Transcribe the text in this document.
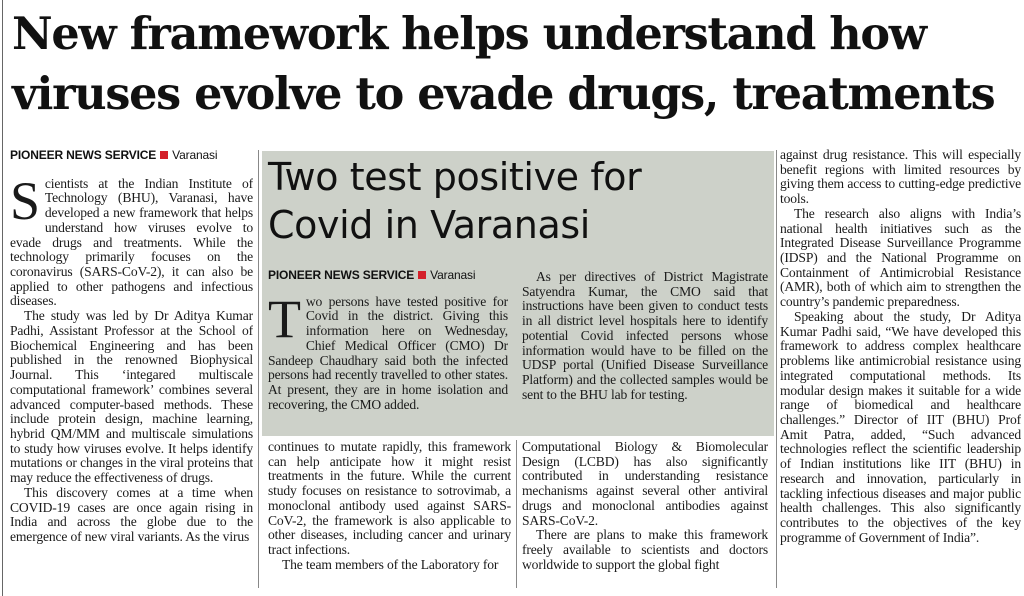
New framework helps understand how
viruses evolve to evade drugs, treatments
PIONEER NEWS SERVICE Varanasi

Scientists at the Indian Institute of Technology (BHU), Varanasi, have developed a new framework that helps understand how viruses evolve to evade drugs and treatments. While the technology primarily focuses on the coronavirus (SARS-CoV-2), it can also be applied to other pathogens and infectious diseases.

The study was led by Dr Aditya Kumar Padhi, Assistant Professor at the School of Biochemical Engineering and has been published in the renowned Biophysical Journal. This ‘integared multiscale computational framework’ combines several advanced computer-based methods. These include protein design, machine learning, hybrid QM/MM and multiscale simulations to study how viruses evolve. It helps identify mutations or changes in the viral proteins that may reduce the effectiveness of drugs.

This discovery comes at a time when COVID-19 cases are once again rising in India and across the globe due to the emergence of new viral variants. As the virus

Two test positive for
Covid in Varanasi
PIONEER NEWS SERVICE Varanasi

Two persons have tested positive for Covid in the district. Giving this information here on Wednesday, Chief Medical Officer (CMO) Dr Sandeep Chaudhary said both the infected persons had recently travelled to other states. At present, they are in home isolation and recovering, the CMO added.

As per directives of District Magistrate Satyendra Kumar, the CMO said that instructions have been given to conduct tests in all district level hospitals here to identify potential Covid infected persons whose information would have to be filled on the UDSP portal (Unified Disease Surveillance Platform) and the collected samples would be sent to the BHU lab for testing.

continues to mutate rapidly, this framework can help anticipate how it might resist treatments in the future. While the current study focuses on resistance to sotrovimab, a monoclonal antibody used against SARS-CoV-2, the framework is also applicable to other diseases, including cancer and urinary tract infections.

The team members of the Laboratory for

Computational Biology & Biomolecular Design (LCBD) has also significantly contributed in understanding resistance mechanisms against several other antiviral drugs and monoclonal antibodies against SARS-CoV-2.

There are plans to make this framework freely available to scientists and doctors worldwide to support the global fight

against drug resistance. This will especially benefit regions with limited resources by giving them access to cutting-edge predictive tools.

The research also aligns with India’s national health initiatives such as the Integrated Disease Surveillance Programme (IDSP) and the National Programme on Containment of Antimicrobial Resistance (AMR), both of which aim to strengthen the country’s pandemic preparedness.

Speaking about the study, Dr Aditya Kumar Padhi said, “We have developed this framework to address complex healthcare problems like antimicrobial resistance using integrated computational methods. Its modular design makes it suitable for a wide range of biomedical and healthcare challenges.” Director of IIT (BHU) Prof Amit Patra, added, “Such advanced technologies reflect the scientific leadership of Indian institutions like IIT (BHU) in research and innovation, particularly in tackling infectious diseases and major public health challenges. This also significantly contributes to the objectives of the key programme of Government of India”.
